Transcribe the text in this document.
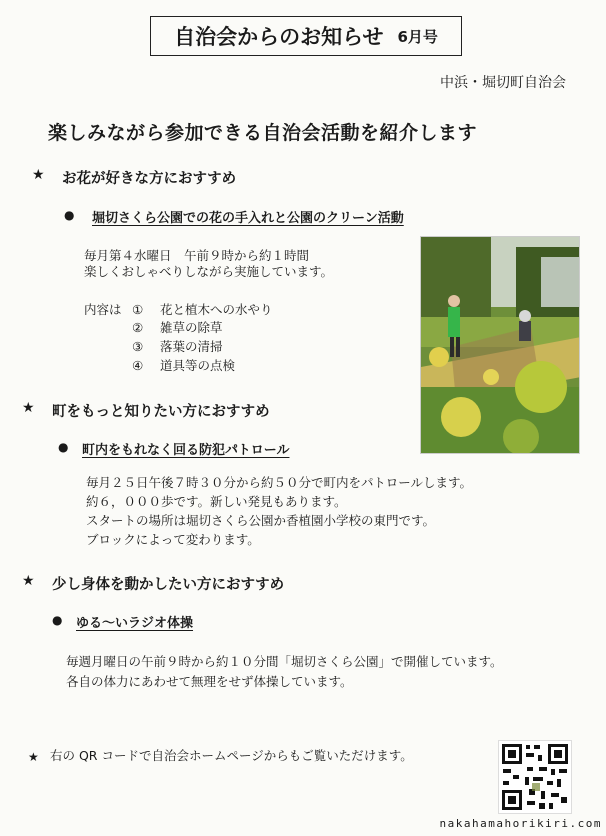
自治会からのお知らせ 6月号
中浜・堀切町自治会
楽しみながら参加できる自治会活動を紹介します
★ お花が好きな方におすすめ
● 堀切さくら公園での花の手入れと公園のクリーン活動
毎月第４水曜日　午前９時から約１時間
楽しくおしゃべりしながら実施しています。
内容は ① 花と植木への水やり
② 雑草の除草
③ 落葉の清掃
④ 道具等の点検
★ 町をもっと知りたい方におすすめ
● 町内をもれなく回る防犯パトロール
毎月２５日午後７時３０分から約５０分で町内をパトロールします。
約６，０００歩です。新しい発見もあります。
スタートの場所は堀切さくら公園か香植園小学校の東門です。
ブロックによって変わります。
★ 少し身体を動かしたい方におすすめ
● ゆる～いラジオ体操
毎週月曜日の午前９時から約１０分間「堀切さくら公園」で開催しています。
各自の体力にあわせて無理をせず体操しています。
★ 右の QR コードで自治会ホームページからもご覧いただけます。
nakahamahorikiri.com
